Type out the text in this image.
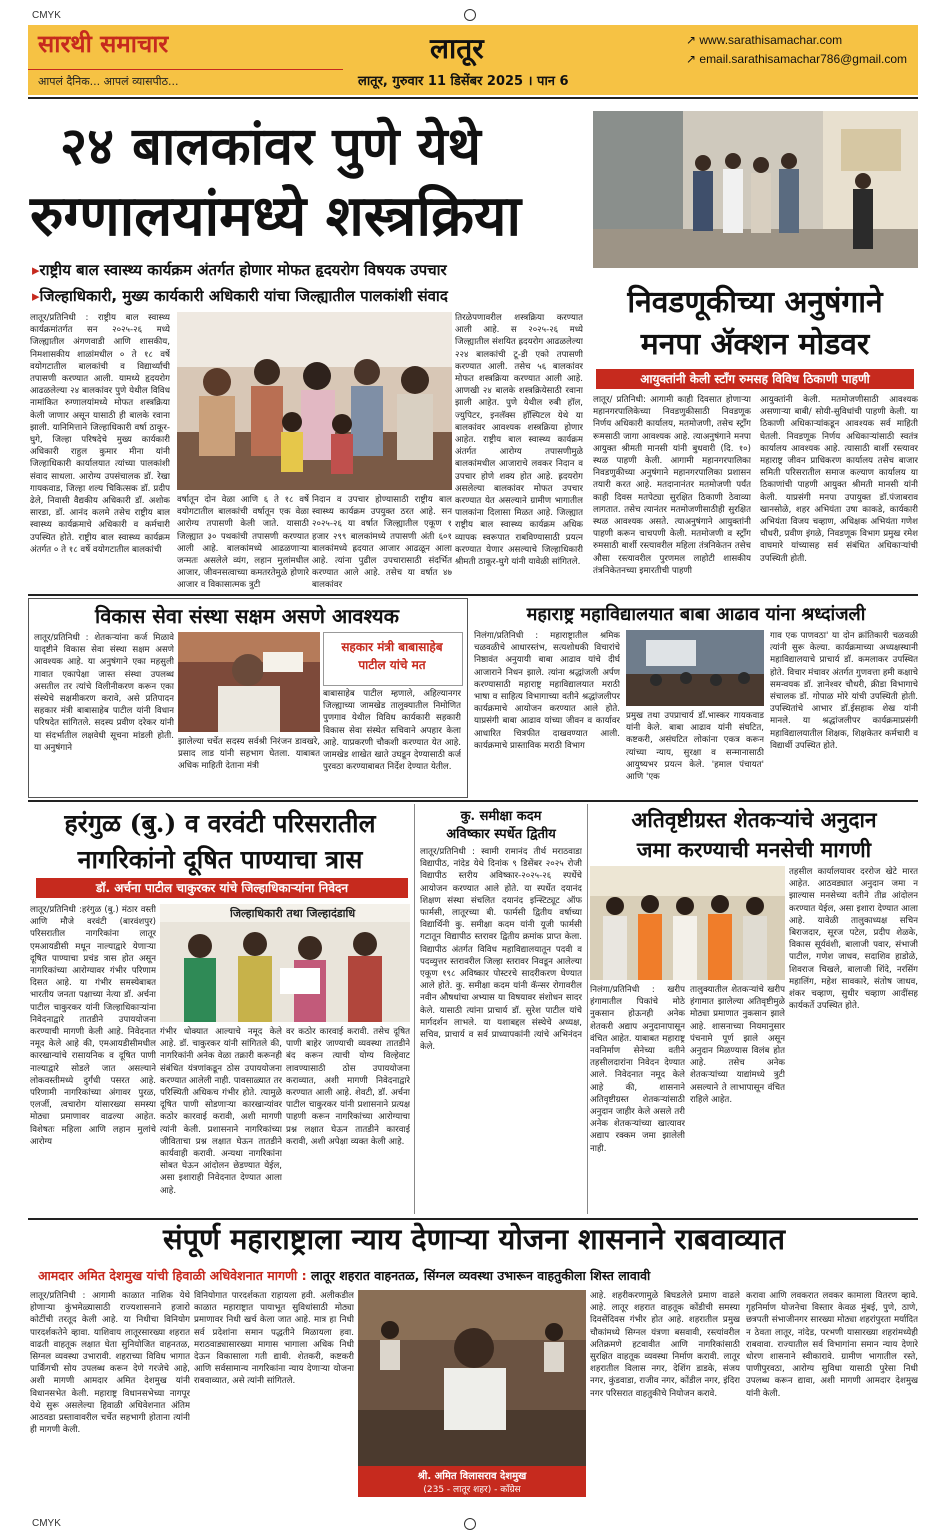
CMYK
CMYK
सारथी समाचार
आपलं दैनिक... आपलं व्यासपीठ...
लातूर	↗ www.sarathisamachar.com
↗ email.sarathisamachar786@gmail.com
लातूर, गुरुवार 11 डिसेंबर 2025 । पान 6
२४ बालकांवर पुणे येथे
रुग्णालयांमध्ये शस्त्रक्रिया
▸ राष्ट्रीय बाल स्वास्थ्य कार्यक्रम अंतर्गत होणार मोफत हृदयरोग विषयक उपचार
▸ जिल्हाधिकारी, मुख्य कार्यकारी अधिकारी यांचा जिल्ह्यातील पालकांशी संवाद
लातूर/प्रतिनिधी : राष्ट्रीय बाल स्वास्थ्य कार्यक्रमांतर्गत सन २०२५-२६ मध्ये जिल्ह्यातील अंगणवाडी आणि शासकीय, निमशासकीय शाळांमधील ० ते १८ वर्षे वयोगटातील बालकांची व विद्यार्थ्यांची तपासणी करण्यात आली. यामध्ये हृदयरोग आढळलेल्या २४ बालकांवर पुणे येथील विविध नामांकित रुग्णालयांमध्ये मोफत शस्त्रक्रिया केली जाणार असून यासाठी ही बालके रवाना झाली. यानिमित्ताने जिल्हाधिकारी वर्षा ठाकूर-घुगे, जिल्हा परिषदेचे मुख्य कार्यकारी अधिकारी राहुल कुमार मीना यांनी जिल्हाधिकारी कार्यालयात त्यांच्या पालकांशी संवाद साधला. आरोग्य उपसंचालक डॉ. रेखा गायकवाड, जिल्हा शल्य चिकित्सक डॉ. प्रदीप ढेले, निवासी वैद्यकीय अधिकारी डॉ. अशोक सारडा, डॉ. आनंद कलमे तसेच राष्ट्रीय बाल स्वास्थ्य कार्यक्रमाचे अधिकारी व कर्मचारी उपस्थित होते. राष्ट्रीय बाल स्वास्थ्य कार्यक्रम अंतर्गत ० ते १८ वर्षे वयोगटातील बालकांची
वर्षातून दोन वेळा आणि ६ ते १८ वर्षे वयोगटातील बालकांची वर्षातून एक वेळा आरोग्य तपासणी केली जाते. यासाठी जिल्ह्यात ३० पथकांची तपासणी करण्यात आली आहे. बालकांमध्ये आढळणाऱ्या जन्मतः असलेले व्यंग, लहान मुलांमधील आजार, जीवनसत्वाच्या कमतरतेमुळे होणारे आजार व विकासात्मक त्रुटी
निदान व उपचार होण्यासाठी राष्ट्रीय बाल स्वास्थ्य कार्यक्रम उपयुक्त ठरत आहे. सन २०२५-२६ या वर्षात जिल्ह्यातील एकूण १ हजार २९९ बालकांमध्ये तपासणी अंती ६०१ बालकांमध्ये ह्रदयात आजार आढळून आला आहे. त्यांना पुढील उपचारासाठी संदर्भित करण्यात आले आहे. तसेच या वर्षात ४७ बालकांवर
तिरळेपणावरील शस्त्रक्रिया करण्यात आली आहे. स २०२५-२६ मध्ये जिल्ह्यातील संशयित ह्रदयरोग आढळलेल्या २२४ बालकांची टू-डी एको तपासणी करण्यात आली. तसेच ५६ बालकांवर मोफत शस्त्रक्रिया करण्यात आली आहे. आणखी २४ बालके शस्त्रक्रियेसाठी रवाना झाली आहेत. पुणे येथील रुबी हॉल, ज्युपिटर, इनलॅक्स हॉस्पिटल येथे या बालकांवर आवश्यक शस्त्रक्रिया होणार आहेत. राष्ट्रीय बाल स्वास्थ्य कार्यक्रम अंतर्गत आरोग्य तपासणीमुळे बालकांमधील आजाराचे लवकर निदान व उपचार होणे शक्य होत आहे. ह्रदयरोग असलेल्या बालकांवर मोफत उपचार करण्यात येत असल्याने ग्रामीण भागातील पालकांना दिलासा मिळत आहे. जिल्ह्यात राष्ट्रीय बाल स्वास्थ्य कार्यक्रम अधिक व्यापक स्वरूपात राबविण्यासाठी प्रयत्न करण्यात येणार असल्याचे जिल्हाधिकारी श्रीमती ठाकूर-घुगे यांनी यावेळी सांगितले.
निवडणूकीच्या अनुषंगाने
मनपा ॲक्शन मोडवर
आयुक्तांनी केली स्टाँग रुमसह विविध ठिकाणी पाहणी
लातूर/ प्रतिनिधी: आगामी काही दिवसात होणाऱ्या महानगरपालिकेच्या निवडणुकीसाठी निवडणूक निर्णय अधिकारी कार्यालय, मतमोजणी, तसेच स्ट्राँग रूमसाठी जागा आवश्यक आहे. त्याअनुषंगाने मनपा आयुक्त श्रीमती मानसी यांनी बुधवारी (दि. १०) स्थळ पाहणी केली. आगामी महानगरपालिका निवडणुकीच्या अनुषंगाने महानगरपालिका प्रशासन तयारी करत आहे. मतदानानंतर मतमोजणी पर्यंत काही दिवस मतपेट्या सुरक्षित ठिकाणी ठेवाव्या लागतात. तसेच त्यानंतर मतमोजणीसाठीही सुरक्षित स्थळ आवश्यक असते. त्याअनुषंगाने आयुक्तांनी पाहणी करून चाचपणी केली. मतमोजणी व स्ट्राँग रुमसाठी बार्शी रस्त्यावरील महिला तंत्रनिकेतन तसेच औसा रस्त्यावरील पुरणमल लाहोटी शासकीय तंत्रनिकेतनच्या इमारतीची पाहणी
आयुक्तांनी केली. मतमोजणीसाठी आवश्यक असणाऱ्या बाबी/ सोयी-सुविधांची पाहणी केली. या ठिकाणी अधिकाऱ्यांकडून आवश्यक सर्व माहिती घेतली. निवडणूक निर्णय अधिकाऱ्यांसाठी स्वतंत्र कार्यालय आवश्यक आहे. त्यासाठी बार्शी रस्त्यावर महाराष्ट्र जीवन प्राधिकरण कार्यालय तसेच बाजार समिती परिसरातील समाज कल्याण कार्यालय या ठिकाणांची पाहणी आयुक्त श्रीमती मानसी यांनी केली. याप्रसंगी मनपा उपायुक्त डॉ.पंजाबराव खानसोळे, शहर अभियंता उषा काकडे, कार्यकारी अभियंता विजय चव्हाण, अधिक्षक अभियंता गणेश चौधरी, प्रवीण इंगळे, निवडणूक विभाग प्रमुख रमेश वाघमारे यांच्यासह सर्व संबंधित अधिकाऱ्यांची उपस्थिती होती.
विकास सेवा संस्था सक्षम असणे आवश्यक
लातूर/प्रतिनिधी : शेतकऱ्यांना कर्ज मिळावे यादृष्टीने विकास सेवा संस्था सक्षम असणे आवश्यक आहे. या अनुषंगाने एका महसुली गावात एकापेक्षा जास्त संस्था उपलब्ध असतील तर त्यांचे विलीनीकरण करून एका संस्थेचे सक्षमीकरण करावे, असे प्रतिपादन सहकार मंत्री बाबासाहेब पाटील यांनी विधान परिषदेत सांगितले. सदस्य प्रवीण दरेकर यांनी या संदर्भातील लक्षवेधी सूचना मांडली होती. या अनुषंगाने
सहकार मंत्री बाबासाहेब पाटील यांचे मत
झालेल्या चर्चेत सदस्य सर्वश्री निरंजन डावखरे, प्रसाद लाड यांनी सहभाग घेतला. याबाबत अधिक माहिती देताना मंत्री
बाबासाहेब पाटील म्हणाले, अहिल्यानगर जिल्ह्याच्या जामखेड तालुक्यातील निमोणित पुणगाव येथील विविध कार्यकारी सहकारी विकास सेवा संस्थेत सचिवाने अपहार केला आहे. याप्रकरणी चौकशी करण्यात येत आहे. जामखेड शाखेत खाते उघडून देण्यासाठी कर्ज पुरवठा करण्याबाबत निर्देश देण्यात येतील.
महाराष्ट्र महाविद्यालयात बाबा आढाव यांना श्रध्दांजली
निलंगा/प्रतिनिधी : महाराष्ट्रातील श्रमिक चळवळीचे आधारस्तंभ, सत्यशोधकी विचारांचे निष्ठावंत अनुयायी बाबा आढाव यांचे दीर्घ आजाराने निधन झाले. त्यांना श्रद्धांजली अर्पण करण्यासाठी महाराष्ट्र महाविद्यालयात मराठी भाषा व साहित्य विभागाच्या वतीने श्रद्धांजलीपर कार्यक्रमाचे आयोजन करण्यात आले होते. याप्रसंगी बाबा आढाव यांच्या जीवन व कार्यावर आधारित चित्रफीत दाखवण्यात आली. कार्यक्रमाचे प्रास्ताविक मराठी विभाग
प्रमुख तथा उपप्राचार्य डॉ.भास्कर गायकवाड यांनी केले. बाबा आढाव यांनी संघटित, कष्टकरी, असंघटित लोकांना एकत्र करून त्यांच्या न्याय, सुरक्षा व सन्मानासाठी आयुष्यभर प्रयत्न केले. 'हमाल पंचायत' आणि 'एक
गाव एक पाणवठा' या दोन क्रांतिकारी चळवळी त्यांनी सुरू केल्या. कार्यक्रमाच्या अध्यक्षस्थानी महाविद्यालयाचे प्राचार्य डॉ. कमलाकर उपस्थित होते. विचार मंचावर अंतर्गत गुणवत्ता हमी कक्षाचे समन्वयक डॉ. ज्ञानेश्वर चौधरी, क्रीडा विभागाचे संचालक डॉ. गोपाळ मोरे यांची उपस्थिती होती. उपस्थितांचे आभार डॉ.ईसहाक शेख यांनी मानले. या श्रद्धांजलीपर कार्यक्रमाप्रसंगी महाविद्यालयातील शिक्षक, शिक्षकेतर कर्मचारी व विद्यार्थी उपस्थित होते.
हरंगुळ (बु.) व वरवंटी परिसरातील
नागरिकांनो दूषित पाण्याचा त्रास
डॉ. अर्चना पाटील चाकुरकर यांचे जिल्हाधिकाऱ्यांना निवेदन
लातूर/प्रतिनिधी :हरंगुळ (बु.) मंठार वस्ती आणि मौजे वरवंटी (बारवंशपुर) परिसरातील नागरिकांना लातूर एमआयडीसी मधून नाल्याद्वारे येणाऱ्या दूषित पाण्याचा प्रचंड त्रास होत असून नागरिकांच्या आरोग्यावर गंभीर परिणाम दिसत आहे. या गंभीर समस्येबाबत भारतीय जनता पक्षाच्या नेत्या डॉ. अर्चना पाटील चाकुरकर यांनी जिल्हाधिकाऱ्यांना निवेदनाद्वारे तातडीने उपाययोजना करण्याची मागणी केली आहे. निवेदनात नमूद केले आहे की, एमआयडीसीमधील कारखान्यांचे रासायनिक व दूषित पाणी नाल्याद्वारे सोडले जात असल्याने लोकवस्तीमध्ये दुर्गंधी पसरत आहे. परिणामी नागरिकांच्या अंगावर पुरळ, एलर्जी, त्वचारोग यांसारख्या समस्या मोठ्या प्रमाणावर वाढल्या आहेत. विशेषतः महिला आणि लहान मुलांचे आरोग्य
जिल्हाधिकारी तथा जिल्हादंडाधि
गंभीर धोक्यात आल्याचे नमूद केले आहे. डॉ. चाकुरकर यांनी सांगितले की, नागरिकांनी अनेक वेळा तक्रारी करूनही संबंधित यंत्रणांकडून ठोस उपाययोजना करण्यात आलेली नाही. पावसाळ्यात तर परिस्थिती अधिकच गंभीर होते. त्यामुळे दूषित पाणी सोडणाऱ्या कारखान्यांवर कठोर कारवाई करावी, अशी मागणी त्यांनी केली. प्रशासनाने नागरिकांच्या जीविताचा प्रश्न लक्षात घेऊन तातडीने कार्यवाही करावी. अन्यथा नागरिकांना सोबत घेऊन आंदोलन छेडण्यात येईल, असा इशाराही निवेदनात देण्यात आला आहे.
वर कठोर कारवाई करावी. तसेच दूषित पाणी बाहेर जाण्याची व्यवस्था तातडीने बंद करून त्याची योग्य विल्हेवाट लावण्यासाठी ठोस उपाययोजना कराव्यात, अशी मागणी निवेदनाद्वारे करण्यात आली आहे. शेवटी, डॉ. अर्चना पाटील चाकुरकर यांनी प्रशासनाने प्रत्यक्ष पाहणी करून नागरिकांच्या आरोग्याचा प्रश्न लक्षात घेऊन तातडीने कारवाई करावी, अशी अपेक्षा व्यक्त केली आहे.
कु. समीक्षा कदम
अविष्कार स्पर्धेत द्वितीय
लातूर/प्रतिनिधी : स्वामी रामानंद तीर्थ मराठवाडा विद्यापीठ, नांदेड येथे दिनांक ९ डिसेंबर २०२५ रोजी विद्यापीठ स्तरीय अविष्कार-२०२५-२६ स्पर्धेचे आयोजन करण्यात आले होते. या स्पर्धेत दयानंद शिक्षण संस्था संचलित दयानंद इन्स्टिट्यूट ऑफ फार्मसी, लातूरच्या बी. फार्मसी द्वितीय वर्षाच्या विद्यार्थिनी कु. समीक्षा कदम यांनी यूजी फार्मसी गटातून विद्यापीठ स्तरावर द्वितीय क्रमांक प्राप्त केला. विद्यापीठ अंतर्गत विविध महाविद्यालयातून पदवी व पदव्युत्तर स्तरावरील जिल्हा स्तरावर निवडून आलेल्या एकूण १९८ अविष्कार पोस्टरचे सादरीकरण घेण्यात आले होते. कु. समीक्षा कदम यांनी कॅन्सर रोगावरील नवीन औषधांचा अभ्यास या विषयावर संशोधन सादर केले. यासाठी त्यांना प्राचार्य डॉ. सुरेश पाटील यांचे मार्गदर्शन लाभले. या यशाबद्दल संस्थेचे अध्यक्ष, सचिव, प्राचार्य व सर्व प्राध्यापकांनी त्यांचे अभिनंदन केले.
अतिवृष्टीग्रस्त शेतकऱ्यांचे अनुदान
जमा करण्याची मनसेची मागणी
निलंगा/प्रतिनिधी : खरीप हंगामातील पिकांचे मोठे नुकसान होऊनही अनेक शेतकरी अद्याप अनुदानापासून वंचित आहेत. याबाबत महाराष्ट्र नवनिर्माण सेनेच्या वतीने तहसीलदारांना निवेदन देण्यात आले. निवेदनात नमूद केले आहे की, शासनाने अतिवृष्टीग्रस्त शेतकऱ्यांसाठी अनुदान जाहीर केले असले तरी अनेक शेतकऱ्यांच्या खात्यावर अद्याप रक्कम जमा झालेली नाही.
तालुक्यातील शेतकऱ्यांचे खरीप हंगामात झालेल्या अतिवृष्टीमुळे मोठ्या प्रमाणात नुकसान झाले आहे. शासनाच्या नियमानुसार पंचनामे पूर्ण झाले असून अनुदान मिळण्यास विलंब होत आहे. तसेच अनेक शेतकऱ्यांच्या याद्यांमध्ये त्रुटी असल्याने ते लाभापासून वंचित राहिले आहेत.
तहसील कार्यालयावर दररोज खेटे मारत आहेत. आठवड्यात अनुदान जमा न झाल्यास मनसेच्या वतीने तीव्र आंदोलन करण्यात येईल, असा इशारा देण्यात आला आहे. यावेळी तालुकाध्यक्ष सचिन बिराजदार, सूरज पटेल, प्रदीप शेळके, विकास सूर्यवंशी, बालाजी पवार, संभाजी पाटील, गणेश जाधव, सदाशिव हाडोळे, शिवराज चिखले, बालाजी शिंदे, नरसिंग महालिंग, महेश सावकारे, संतोष जाधव, शंकर चव्हाण, सुधीर चव्हाण आदींसह कार्यकर्ते उपस्थित होते.
संपूर्ण महाराष्ट्राला न्याय देणाऱ्या योजना शासनाने राबवाव्यात
आमदार अमित देशमुख यांची हिवाळी अधिवेशनात मागणी : लातूर शहरात वाहनतळ, सिंग्नल व्यवस्था उभारून वाहतुकीला शिस्त लावावी
लातूर/प्रतिनिधी : आगामी काळात नाशिक येथे होणाऱ्या कुंभमेळ्यासाठी राज्यशासनाने हजारो कोटींची तरतूद केली आहे. या निधीचा विनियोग पारदर्शकतेने व्हावा. याशिवाय लातूरसारख्या शहरात वाढती वाहतूक लक्षात घेता सुनियोजित वाहनतळ, सिग्नल व्यवस्था उभारावी. शहराच्या विविध भागात पार्किंगची सोय उपलब्ध करून देणे गरजेचे आहे, अशी मागणी आमदार अमित देशमुख यांनी विधानसभेत केली. महाराष्ट्र विधानसभेच्या नागपूर येथे सुरू असलेल्या हिवाळी अधिवेशनात अंतिम आठवडा प्रस्तावावरील चर्चेत सहभागी होताना त्यांनी ही मागणी केली.
विनियोगात पारदर्शकता राहायला हवी. अलीकडील काळात महाराष्ट्रात पायाभूत सुविधांसाठी मोठ्या प्रमाणावर निधी खर्च केला जात आहे. मात्र हा निधी सर्व प्रदेशांना समान पद्धतीने मिळायला हवा. मराठवाड्यासारख्या मागास भागाला अधिक निधी देऊन विकासाला गती द्यावी. शेतकरी, कष्टकरी आणि सर्वसामान्य नागरिकांना न्याय देणाऱ्या योजना राबवाव्यात, असे त्यांनी सांगितले.
श्री. अमित विलासराव देशमुख
(235 - लातूर शहर) - काँग्रेस
आहे. शहरीकरणामुळे बिघडलेले प्रमाण वाढले आहे. लातूर शहरात वाहतूक कोंडीची समस्या दिवसेंदिवस गंभीर होत आहे. शहरातील प्रमुख चौकांमध्ये सिग्नल यंत्रणा बसवावी, रस्त्यांवरील अतिक्रमणे हटवावीत आणि नागरिकांसाठी सुरक्षित वाहतूक व्यवस्था निर्माण करावी. लातूर शहरातील विलास नगर, देशिंग डाडके, संजय नगर, कुंडवाडा, राजीव नगर, कोंडील नगर, इंदिरा नगर परिसरात वाहतुकीचे नियोजन करावे.
करावा आणि लवकरात लवकर कामाला वितरण व्हावे. गृहनिर्माण योजनेचा विस्तार केवळ मुंबई, पुणे, ठाणे, छत्रपती संभाजीनगर सारख्या मोठ्या शहरांपुरता मर्यादित न ठेवता लातूर, नांदेड, परभणी यासारख्या शहरांमध्येही राबवावा. राज्यातील सर्व विभागांना समान न्याय देणारे धोरण शासनाने स्वीकारावे. ग्रामीण भागातील रस्ते, पाणीपुरवठा, आरोग्य सुविधा यासाठी पुरेसा निधी उपलब्ध करून द्यावा, अशी मागणी आमदार देशमुख यांनी केली.
